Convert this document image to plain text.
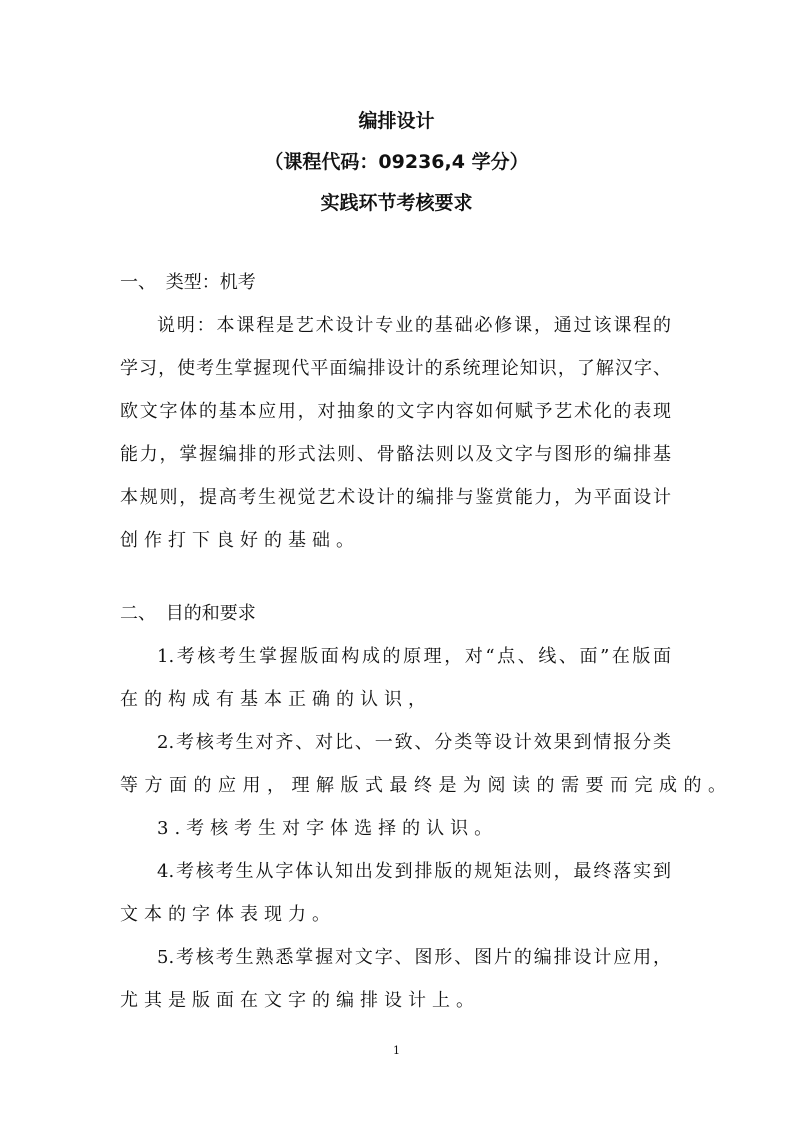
编排设计
（课程代码：09236,4 学分）
实践环节考核要求
一、 类型：机考
说明：本课程是艺术设计专业的基础必修课，通过该课程的
学习，使考生掌握现代平面编排设计的系统理论知识，了解汉字、
欧文字体的基本应用，对抽象的文字内容如何赋予艺术化的表现
能力，掌握编排的形式法则、骨骼法则以及文字与图形的编排基
本规则，提高考生视觉艺术设计的编排与鉴赏能力，为平面设计
创作打下良好的基础。
二、 目的和要求
1.考核考生掌握版面构成的原理，对“点、线、面”在版面
在的构成有基本正确的认识，
2.考核考生对齐、对比、一致、分类等设计效果到情报分类
等方面的应用，理解版式最终是为阅读的需要而完成的。
3.考核考生对字体选择的认识。
4.考核考生从字体认知出发到排版的规矩法则，最终落实到
文本的字体表现力。
5.考核考生熟悉掌握对文字、图形、图片的编排设计应用，
尤其是版面在文字的编排设计上。
1
